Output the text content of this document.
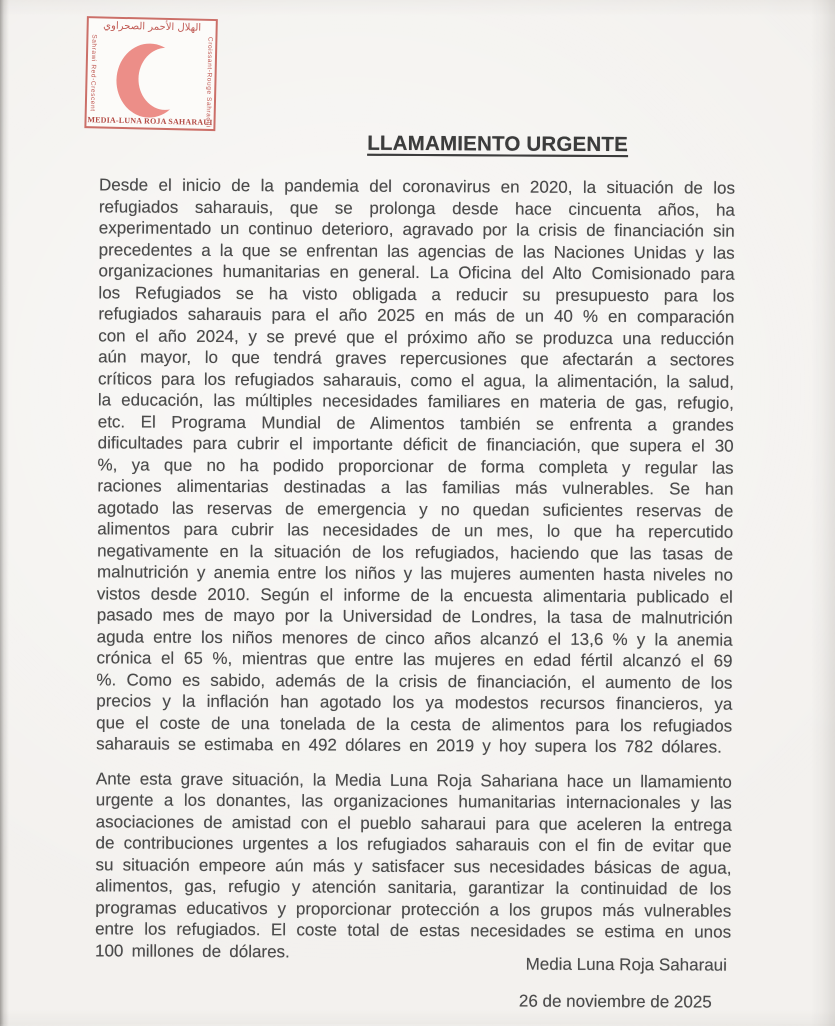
الهلال الأحمر الصحراوي
Sahrawi Red-Crescent	Croissant-Rouge Sahraoui
MEDIA-LUNA ROJA SAHARAUI
LLAMAMIENTO URGENTE

Desde el inicio de la pandemia del coronavirus en 2020, la situación de los refugiados saharauis, que se prolonga desde hace cincuenta años, ha experimentado un continuo deterioro, agravado por la crisis de financiación sin precedentes a la que se enfrentan las agencias de las Naciones Unidas y las organizaciones humanitarias en general. La Oficina del Alto Comisionado para los Refugiados se ha visto obligada a reducir su presupuesto para los refugiados saharauis para el año 2025 en más de un 40 % en comparación con el año 2024, y se prevé que el próximo año se produzca una reducción aún mayor, lo que tendrá graves repercusiones que afectarán a sectores críticos para los refugiados saharauis, como el agua, la alimentación, la salud, la educación, las múltiples necesidades familiares en materia de gas, refugio, etc. El Programa Mundial de Alimentos también se enfrenta a grandes dificultades para cubrir el importante déficit de financiación, que supera el 30 %, ya que no ha podido proporcionar de forma completa y regular las raciones alimentarias destinadas a las familias más vulnerables. Se han agotado las reservas de emergencia y no quedan suficientes reservas de alimentos para cubrir las necesidades de un mes, lo que ha repercutido negativamente en la situación de los refugiados, haciendo que las tasas de malnutrición y anemia entre los niños y las mujeres aumenten hasta niveles no vistos desde 2010. Según el informe de la encuesta alimentaria publicado el pasado mes de mayo por la Universidad de Londres, la tasa de malnutrición aguda entre los niños menores de cinco años alcanzó el 13,6 % y la anemia crónica el 65 %, mientras que entre las mujeres en edad fértil alcanzó el 69 %. Como es sabido, además de la crisis de financiación, el aumento de los precios y la inflación han agotado los ya modestos recursos financieros, ya que el coste de una tonelada de la cesta de alimentos para los refugiados saharauis se estimaba en 492 dólares en 2019 y hoy supera los 782 dólares.

Ante esta grave situación, la Media Luna Roja Sahariana hace un llamamiento urgente a los donantes, las organizaciones humanitarias internacionales y las asociaciones de amistad con el pueblo saharaui para que aceleren la entrega de contribuciones urgentes a los refugiados saharauis con el fin de evitar que su situación empeore aún más y satisfacer sus necesidades básicas de agua, alimentos, gas, refugio y atención sanitaria, garantizar la continuidad de los programas educativos y proporcionar protección a los grupos más vulnerables entre los refugiados. El coste total de estas necesidades se estima en unos 100 millones de dólares.

Media Luna Roja Saharaui
26 de noviembre de 2025
